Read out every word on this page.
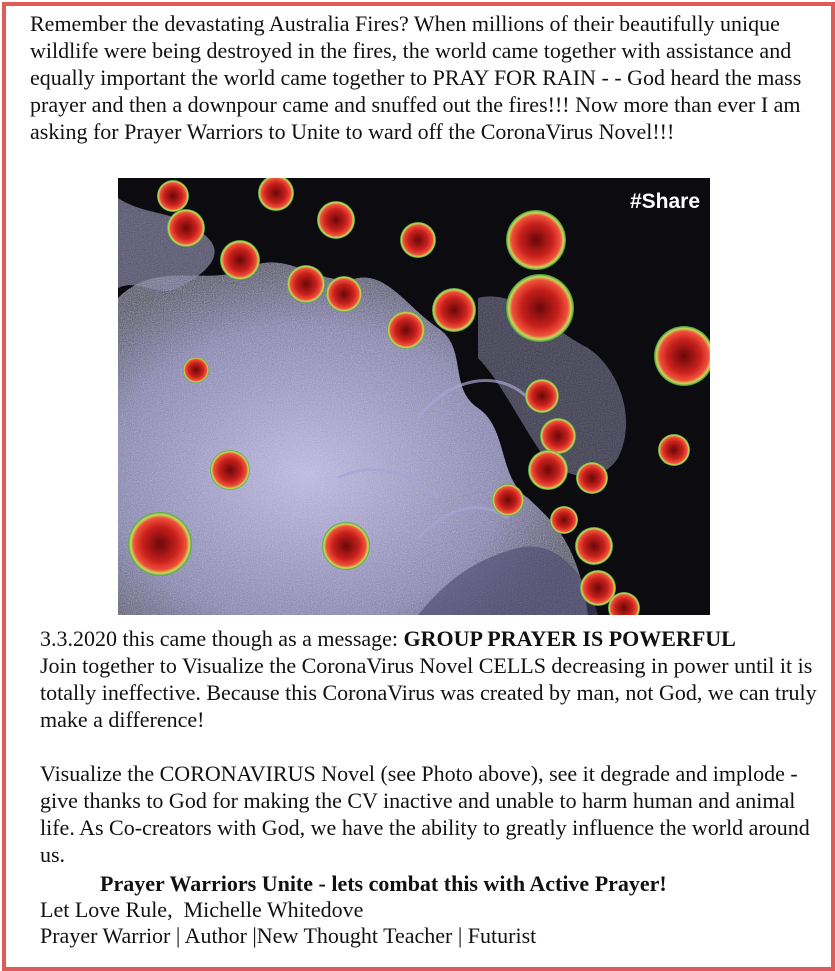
Remember the devastating Australia Fires? When millions of their beautifully unique wildlife were being destroyed in the fires, the world came together with assistance and equally important the world came together to PRAY FOR RAIN - - God heard the mass prayer and then a downpour came and snuffed out the fires!!! Now more than ever I am asking for Prayer Warriors to Unite to ward off the CoronaVirus Novel!!!

#Share

3.3.2020 this came though as a message: GROUP PRAYER IS POWERFUL
Join together to Visualize the CoronaVirus Novel CELLS decreasing in power until it is totally ineffective. Because this CoronaVirus was created by man, not God, we can truly make a difference!

Visualize the CORONAVIRUS Novel (see Photo above), see it degrade and implode - give thanks to God for making the CV inactive and unable to harm human and animal life. As Co-creators with God, we have the ability to greatly influence the world around us.

Prayer Warriors Unite - lets combat this with Active Prayer!

Let Love Rule,  Michelle Whitedove

Prayer Warrior | Author |New Thought Teacher | Futurist
